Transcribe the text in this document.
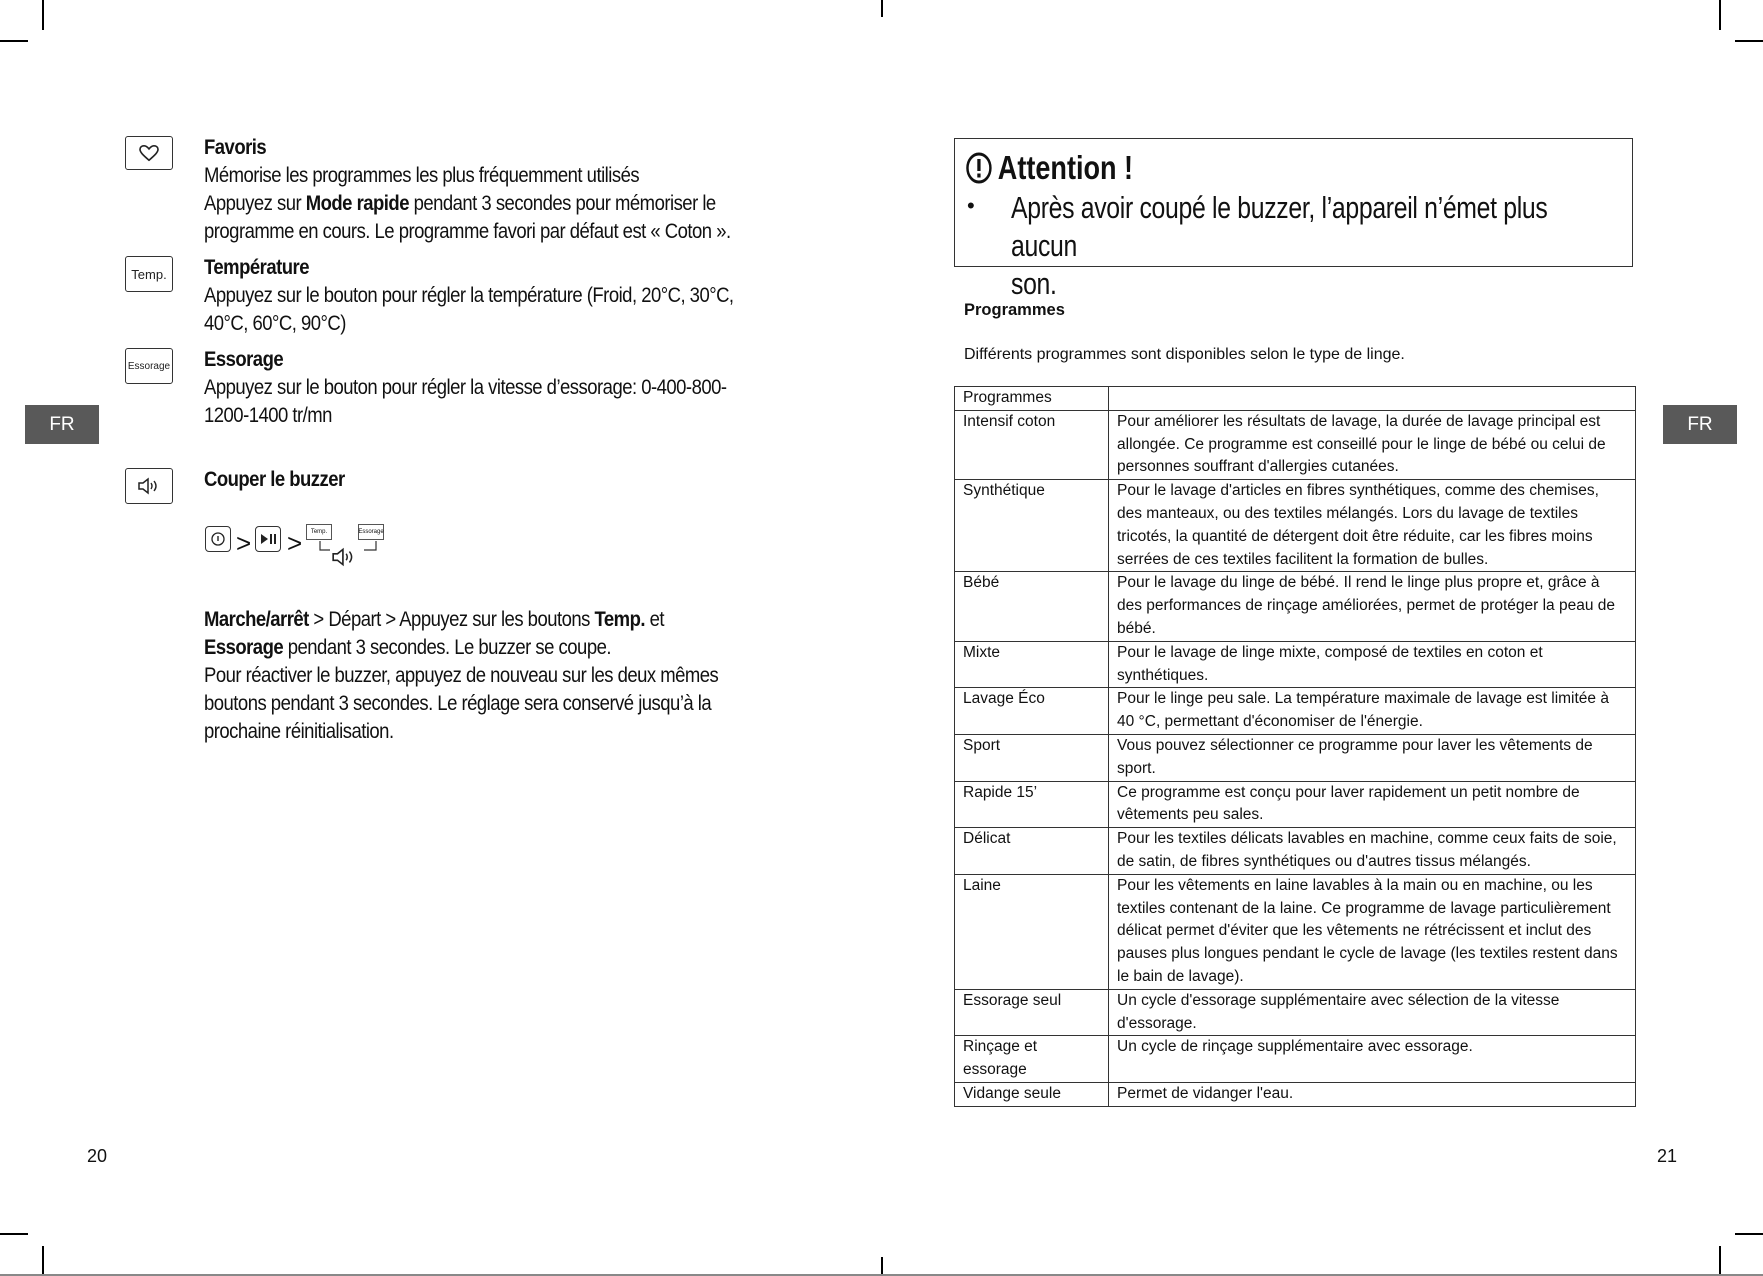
FR	FR
20	21
Favoris
Mémorise les programmes les plus fréquemment utilisés
Appuyez sur Mode rapide pendant 3 secondes pour mémoriser le
programme en cours. Le programme favori par défaut est « Coton ».
Temp. Température
Appuyez sur le bouton pour régler la température (Froid, 20°C, 30°C,
40°C, 60°C, 90°C)
Essorage Essorage
Appuyez sur le bouton pour régler la vitesse d’essorage: 0-400-800-
1200-1400 tr/mn
Couper le buzzer
> >	Temp.	Essorage
Marche/arrêt > Départ > Appuyez sur les boutons Temp. et
Essorage pendant 3 secondes. Le buzzer se coupe.
Pour réactiver le buzzer, appuyez de nouveau sur les deux mêmes
boutons pendant 3 secondes. Le réglage sera conservé jusqu’à la
prochaine réinitialisation.
Attention !
• Après avoir coupé le buzzer, l’appareil n’émet plus aucun
son.
Programmes
Différents programmes sont disponibles selon le type de linge.
Programmes	
Intensif coton	Pour améliorer les résultats de lavage, la durée de lavage principal est allongée. Ce programme est conseillé pour le linge de bébé ou celui de personnes souffrant d'allergies cutanées.
Synthétique	Pour le lavage d'articles en fibres synthétiques, comme des chemises, des manteaux, ou des textiles mélangés. Lors du lavage de textiles tricotés, la quantité de détergent doit être réduite, car les fibres moins serrées de ces textiles facilitent la formation de bulles.
Bébé	Pour le lavage du linge de bébé. Il rend le linge plus propre et, grâce à des performances de rinçage améliorées, permet de protéger la peau de bébé.
Mixte	Pour le lavage de linge mixte, composé de textiles en coton et synthétiques.
Lavage Éco	Pour le linge peu sale. La température maximale de lavage est limitée à 40 °C, permettant d'économiser de l'énergie.
Sport	Vous pouvez sélectionner ce programme pour laver les vêtements de sport.
Rapide 15’	Ce programme est conçu pour laver rapidement un petit nombre de vêtements peu sales.
Délicat	Pour les textiles délicats lavables en machine, comme ceux faits de soie, de satin, de fibres synthétiques ou d'autres tissus mélangés.
Laine	Pour les vêtements en laine lavables à la main ou en machine, ou les textiles contenant de la laine. Ce programme de lavage particulièrement délicat permet d'éviter que les vêtements ne rétrécissent et inclut des pauses plus longues pendant le cycle de lavage (les textiles restent dans le bain de lavage).
Essorage seul	Un cycle d'essorage supplémentaire avec sélection de la vitesse d'essorage.
Rinçage et essorage	Un cycle de rinçage supplémentaire avec essorage.
Vidange seule	Permet de vidanger l'eau.
